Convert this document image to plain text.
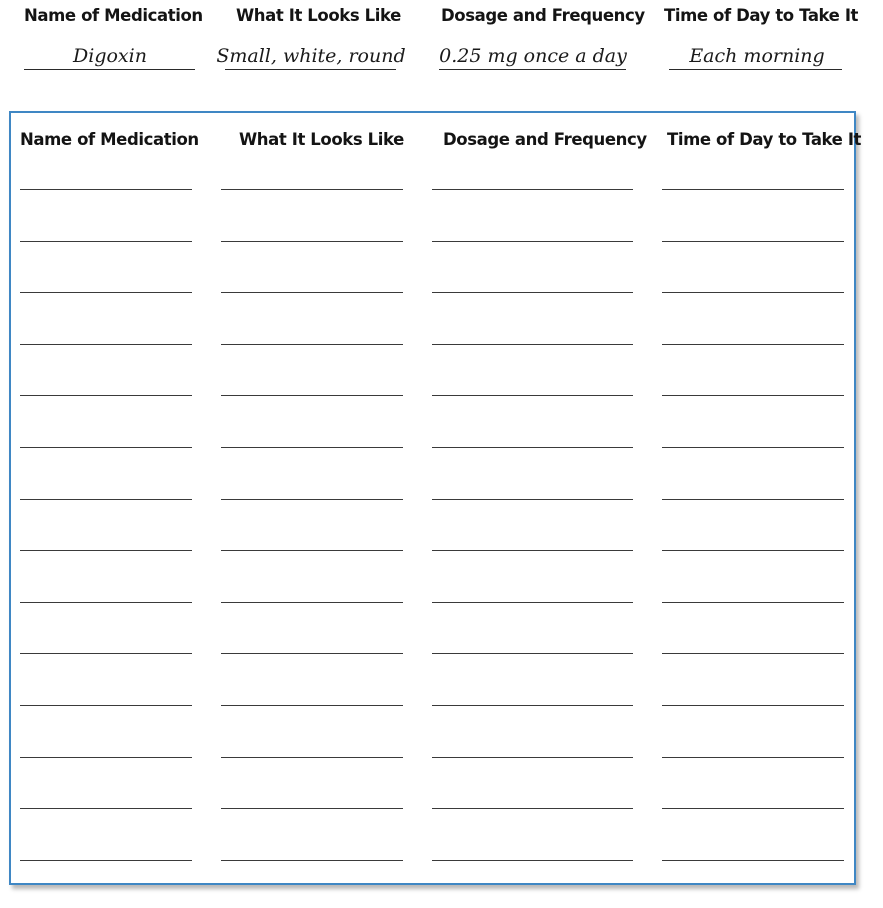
Name of Medication What It Looks Like Dosage and Frequency Time of Day to Take It
Digoxin	Small, white, round 0.25 mg once a day	Each morning
Name of Medication What It Looks Like Dosage and Frequency Time of Day to Take It
